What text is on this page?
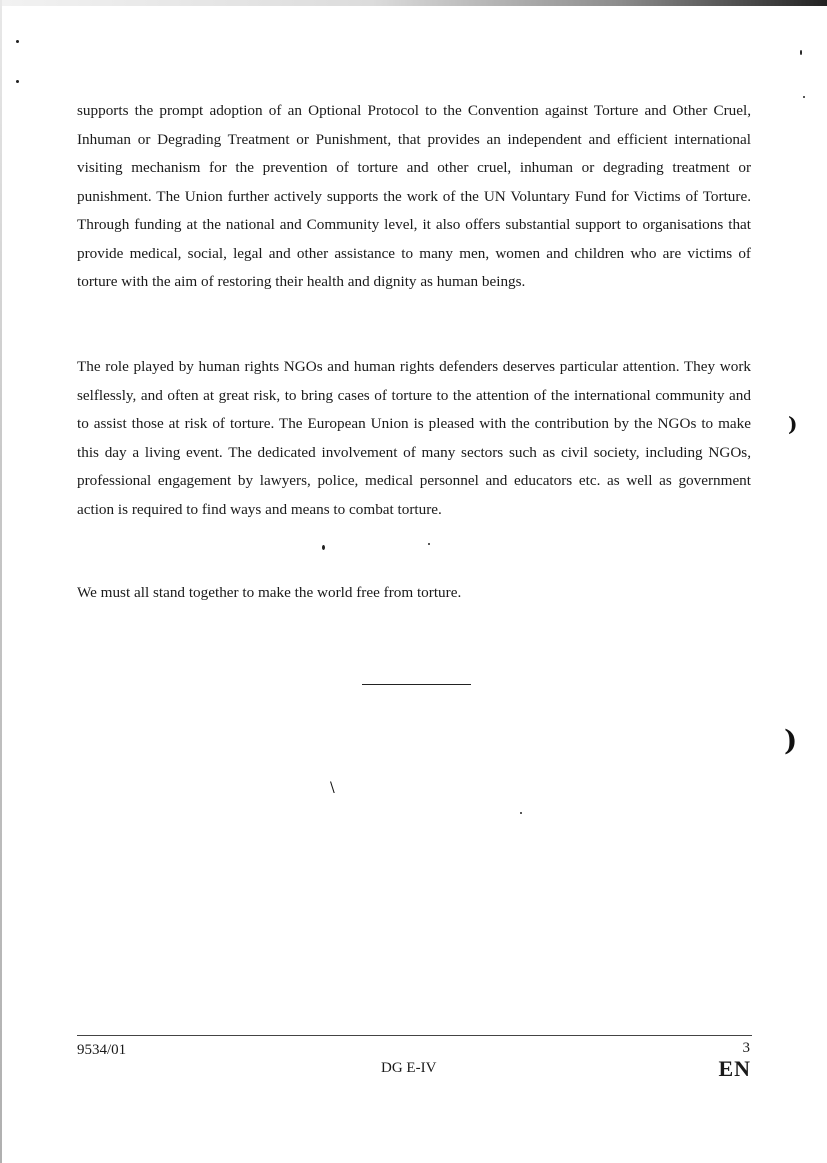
)
)
\

supports the prompt adoption of an Optional Protocol to the Convention against Torture and Other Cruel, Inhuman or Degrading Treatment or Punishment, that provides an independent and efficient international visiting mechanism for the prevention of torture and other cruel, inhuman or degrading treatment or punishment. The Union further actively supports the work of the UN Voluntary Fund for Victims of Torture. Through funding at the national and Community level, it also offers substantial support to organisations that provide medical, social, legal and other assistance to many men, women and children who are victims of torture with the aim of restoring their health and dignity as human beings.

The role played by human rights NGOs and human rights defenders deserves particular attention. They work selflessly, and often at great risk, to bring cases of torture to the attention of the international community and to assist those at risk of torture. The European Union is pleased with the contribution by the NGOs to make this day a living event. The dedicated involvement of many sectors such as civil society, including NGOs, professional engagement by lawyers, police, medical personnel and educators etc. as well as government action is required to find ways and means to combat torture.

We must all stand together to make the world free from torture.

9534/01
DG E-IV
3
EN
